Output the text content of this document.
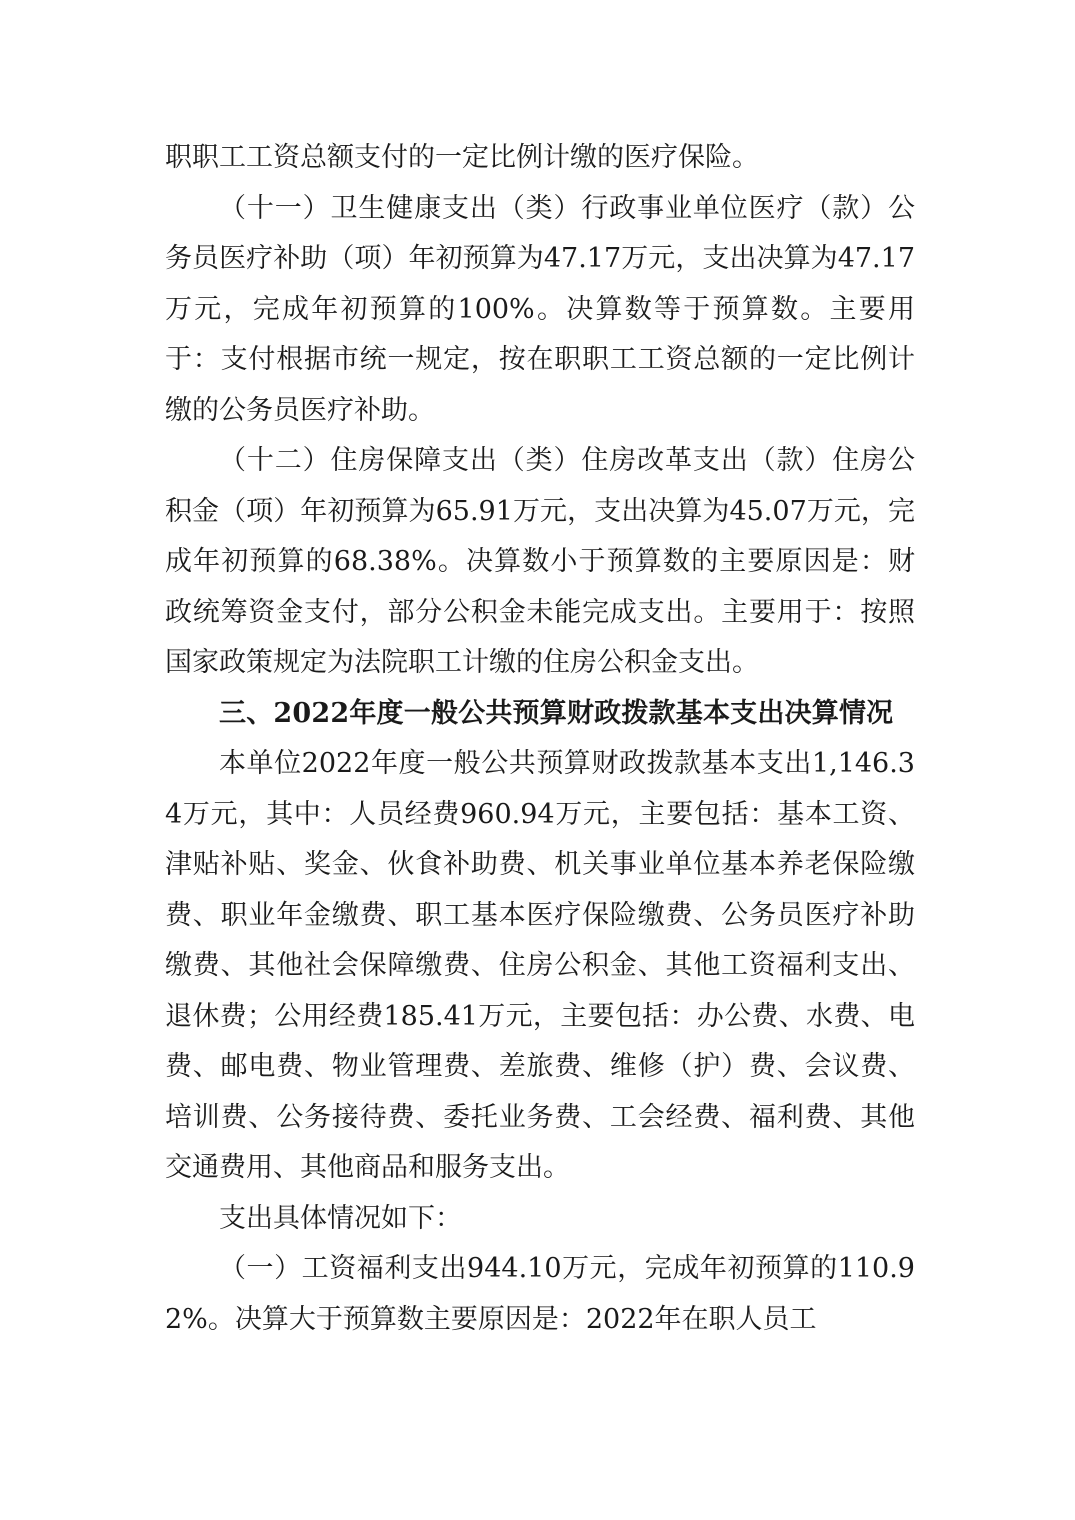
职职工工资总额支付的一定比例计缴的医疗保险。

（十一）卫生健康支出（类）行政事业单位医疗（款）公务员医疗补助（项）年初预算为47.17万元，支出决算为47.17万元，完成年初预算的100%。决算数等于预算数。主要用于：支付根据市统一规定，按在职职工工资总额的一定比例计缴的公务员医疗补助。

（十二）住房保障支出（类）住房改革支出（款）住房公积金（项）年初预算为65.91万元，支出决算为45.07万元，完成年初预算的68.38%。决算数小于预算数的主要原因是：财政统筹资金支付，部分公积金未能完成支出。主要用于：按照国家政策规定为法院职工计缴的住房公积金支出。

三、2022年度一般公共预算财政拨款基本支出决算情况

本单位2022年度一般公共预算财政拨款基本支出1,146.34万元，其中：人员经费960.94万元，主要包括：基本工资、津贴补贴、奖金、伙食补助费、机关事业单位基本养老保险缴费、职业年金缴费、职工基本医疗保险缴费、公务员医疗补助缴费、其他社会保障缴费、住房公积金、其他工资福利支出、退休费；公用经费185.41万元，主要包括：办公费、水费、电费、邮电费、物业管理费、差旅费、维修（护）费、会议费、培训费、公务接待费、委托业务费、工会经费、福利费、其他交通费用、其他商品和服务支出。

支出具体情况如下：

（一）工资福利支出944.10万元，完成年初预算的110.92%。决算大于预算数主要原因是：2022年在职人员工
